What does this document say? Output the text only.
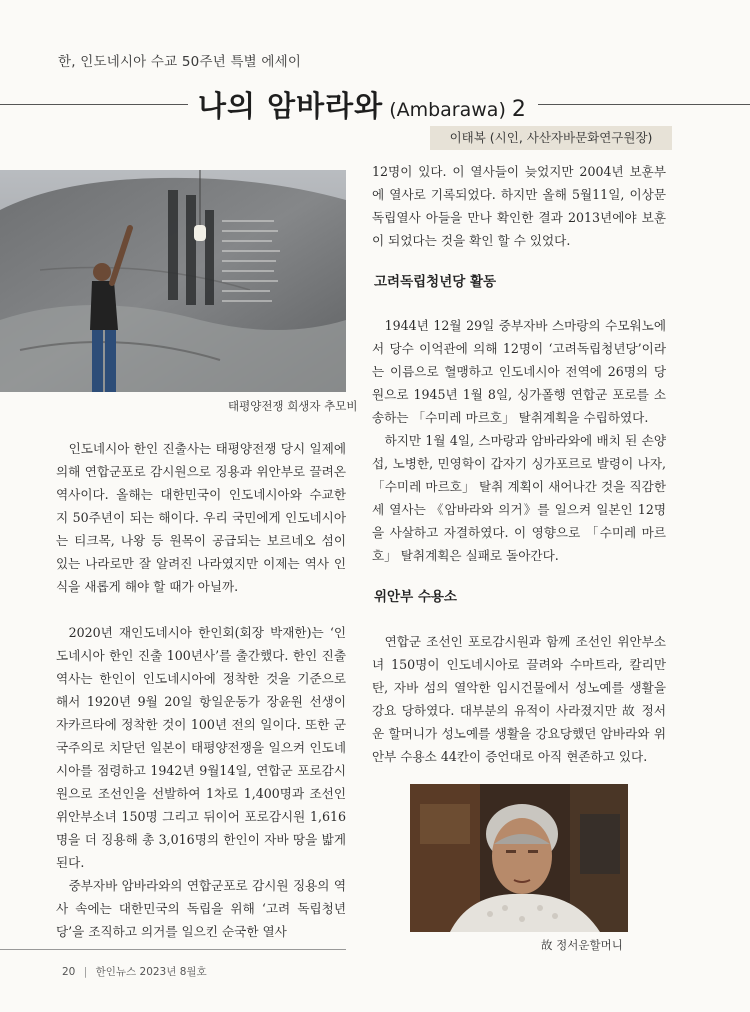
한, 인도네시아 수교 50주년 특별 에세이
나의 암바라와 (Ambarawa) 2
이태복 (시인, 사산자바문화연구원장)
태평양전쟁 희생자 추모비

인도네시아 한인 진출사는 태평양전쟁 당시 일제에 의해 연합군포로 감시원으로 징용과 위안부로 끌려온 역사이다. 올해는 대한민국이 인도네시아와 수교한 지 50주년이 되는 해이다. 우리 국민에게 인도네시아는 티크목, 나왕 등 원목이 공급되는 보르네오 섬이 있는 나라로만 잘 알려진 나라였지만 이제는 역사 인식을 새롭게 해야 할 때가 아닐까.

2020년 재인도네시아 한인회(회장 박재한)는 ‘인도네시아 한인 진출 100년사’를 출간했다. 한인 진출 역사는 한인이 인도네시아에 정착한 것을 기준으로 해서 1920년 9월 20일 항일운동가 장윤원 선생이 자카르타에 정착한 것이 100년 전의 일이다. 또한 군국주의로 치닫던 일본이 태평양전쟁을 일으켜 인도네시아를 점령하고 1942년 9월14일, 연합군 포로감시원으로 조선인을 선발하여 1차로 1,400명과 조선인 위안부소녀 150명 그리고 뒤이어 포로감시원 1,616명을 더 징용해 총 3,016명의 한인이 자바 땅을 밟게 된다.

중부자바 암바라와의 연합군포로 감시원 징용의 역사 속에는 대한민국의 독립을 위해 ‘고려 독립청년당’을 조직하고 의거를 일으킨 순국한 열사

12명이 있다. 이 열사들이 늦었지만 2004년 보훈부에 열사로 기록되었다. 하지만 올해 5월11일, 이상문 독립열사 아들을 만나 확인한 결과 2013년에야 보훈이 되었다는 것을 확인 할 수 있었다.

고려독립청년당 활동

1944년 12월 29일 중부자바 스마랑의 수모워노에서 당수 이억관에 의해 12명이 ‘고려독립청년당’이라는 이름으로 혈맹하고 인도네시아 전역에 26명의 당원으로 1945년 1월 8일, 싱가폴행 연합군 포로를 소송하는 「수미레 마르호」 탈취계획을 수립하였다.

하지만 1월 4일, 스마랑과 암바라와에 배치 된 손양섭, 노병한, 민영학이 갑자기 싱가포르로 발령이 나자, 「수미레 마르호」 탈취 계획이 새어나간 것을 직감한 세 열사는 《암바라와 의거》를 일으켜 일본인 12명을 사살하고 자결하였다. 이 영향으로 「수미레 마르호」 탈취계획은 실패로 돌아간다.

위안부 수용소

연합군 조선인 포로감시원과 함께 조선인 위안부소녀 150명이 인도네시아로 끌려와 수마트라, 칼리만탄, 자바 섬의 열악한 임시건물에서 성노예를 생활을 강요 당하였다. 대부분의 유적이 사라졌지만 故 정서운 할머니가 성노예를 생활을 강요당했던 암바라와 위안부 수용소 44칸이 증언대로 아직 현존하고 있다.

故 정서운할머니
20 | 한인뉴스 2023년 8월호
